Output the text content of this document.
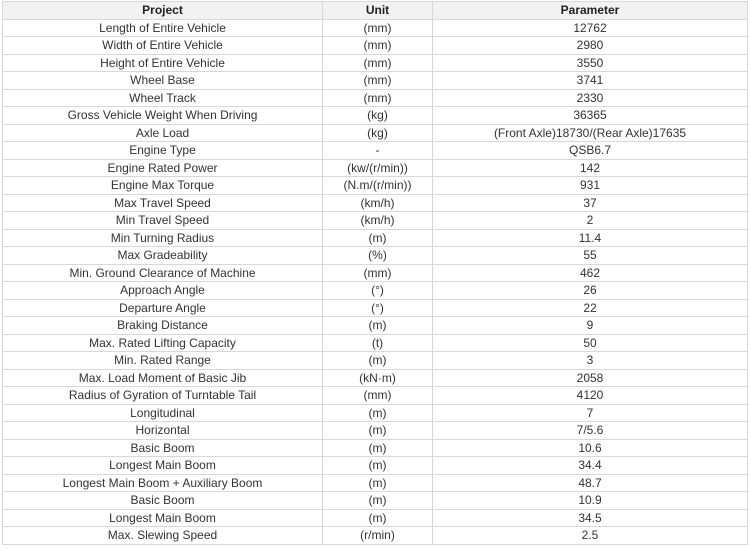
Project	Unit	Parameter
Length of Entire Vehicle	(mm)	12762
Width of Entire Vehicle	(mm)	2980
Height of Entire Vehicle	(mm)	3550
Wheel Base	(mm)	3741
Wheel Track	(mm)	2330
Gross Vehicle Weight When Driving	(kg)	36365
Axle Load	(kg)	(Front Axle)18730/(Rear Axle)17635
Engine Type	-	QSB6.7
Engine Rated Power	(kw/(r/min))	142
Engine Max Torque	(N.m/(r/min))	931
Max Travel Speed	(km/h)	37
Min Travel Speed	(km/h)	2
Min Turning Radius	(m)	11.4
Max Gradeability	(%)	55
Min. Ground Clearance of Machine	(mm)	462
Approach Angle	(°)	26
Departure Angle	(°)	22
Braking Distance	(m)	9
Max. Rated Lifting Capacity	(t)	50
Min. Rated Range	(m)	3
Max. Load Moment of Basic Jib	(kN·m)	2058
Radius of Gyration of Turntable Tail	(mm)	4120
Longitudinal	(m)	7
Horizontal	(m)	7/5.6
Basic Boom	(m)	10.6
Longest Main Boom	(m)	34.4
Longest Main Boom + Auxiliary Boom	(m)	48.7
Basic Boom	(m)	10.9
Longest Main Boom	(m)	34.5
Max. Slewing Speed	(r/min)	2.5
